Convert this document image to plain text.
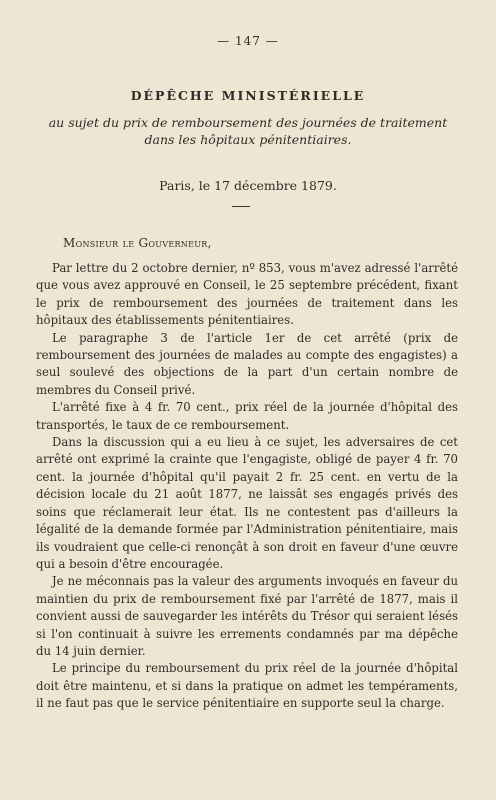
— 147 —
DÉPÊCHE MINISTÉRIELLE
au sujet du prix de remboursement des journées de traitement
dans les hôpitaux pénitentiaires.
Paris, le 17 décembre 1879.
Monsieur le Gouverneur,

Par lettre du 2 octobre dernier, nº 853, vous m'avez adressé l'arrêté que vous avez approuvé en Conseil, le 25 septembre précédent, fixant le prix de remboursement des journées de traitement dans les hôpitaux des établissements pénitentiaires.

Le paragraphe 3 de l'article 1er de cet arrêté (prix de remboursement des journées de malades au compte des engagistes) a seul soulevé des objections de la part d'un certain nombre de membres du Conseil privé.

L'arrêté fixe à 4 fr. 70 cent., prix réel de la journée d'hôpital des transportés, le taux de ce remboursement.

Dans la discussion qui a eu lieu à ce sujet, les adversaires de cet arrêté ont exprimé la crainte que l'engagiste, obligé de payer 4 fr. 70 cent. la journée d'hôpital qu'il payait 2 fr. 25 cent. en vertu de la décision locale du 21 août 1877, ne laissât ses engagés privés des soins que réclamerait leur état. Ils ne contestent pas d'ailleurs la légalité de la demande formée par l'Administration pénitentiaire, mais ils voudraient que celle-ci renonçât à son droit en faveur d'une œuvre qui a besoin d'être encouragée.

Je ne méconnais pas la valeur des arguments invoqués en faveur du maintien du prix de remboursement fixé par l'arrêté de 1877, mais il convient aussi de sauvegarder les intérêts du Trésor qui seraient lésés si l'on continuait à suivre les errements condamnés par ma dépêche du 14 juin dernier.

Le principe du remboursement du prix réel de la journée d'hôpital doit être maintenu, et si dans la pratique on admet les tempéraments, il ne faut pas que le service pénitentiaire en supporte seul la charge.
